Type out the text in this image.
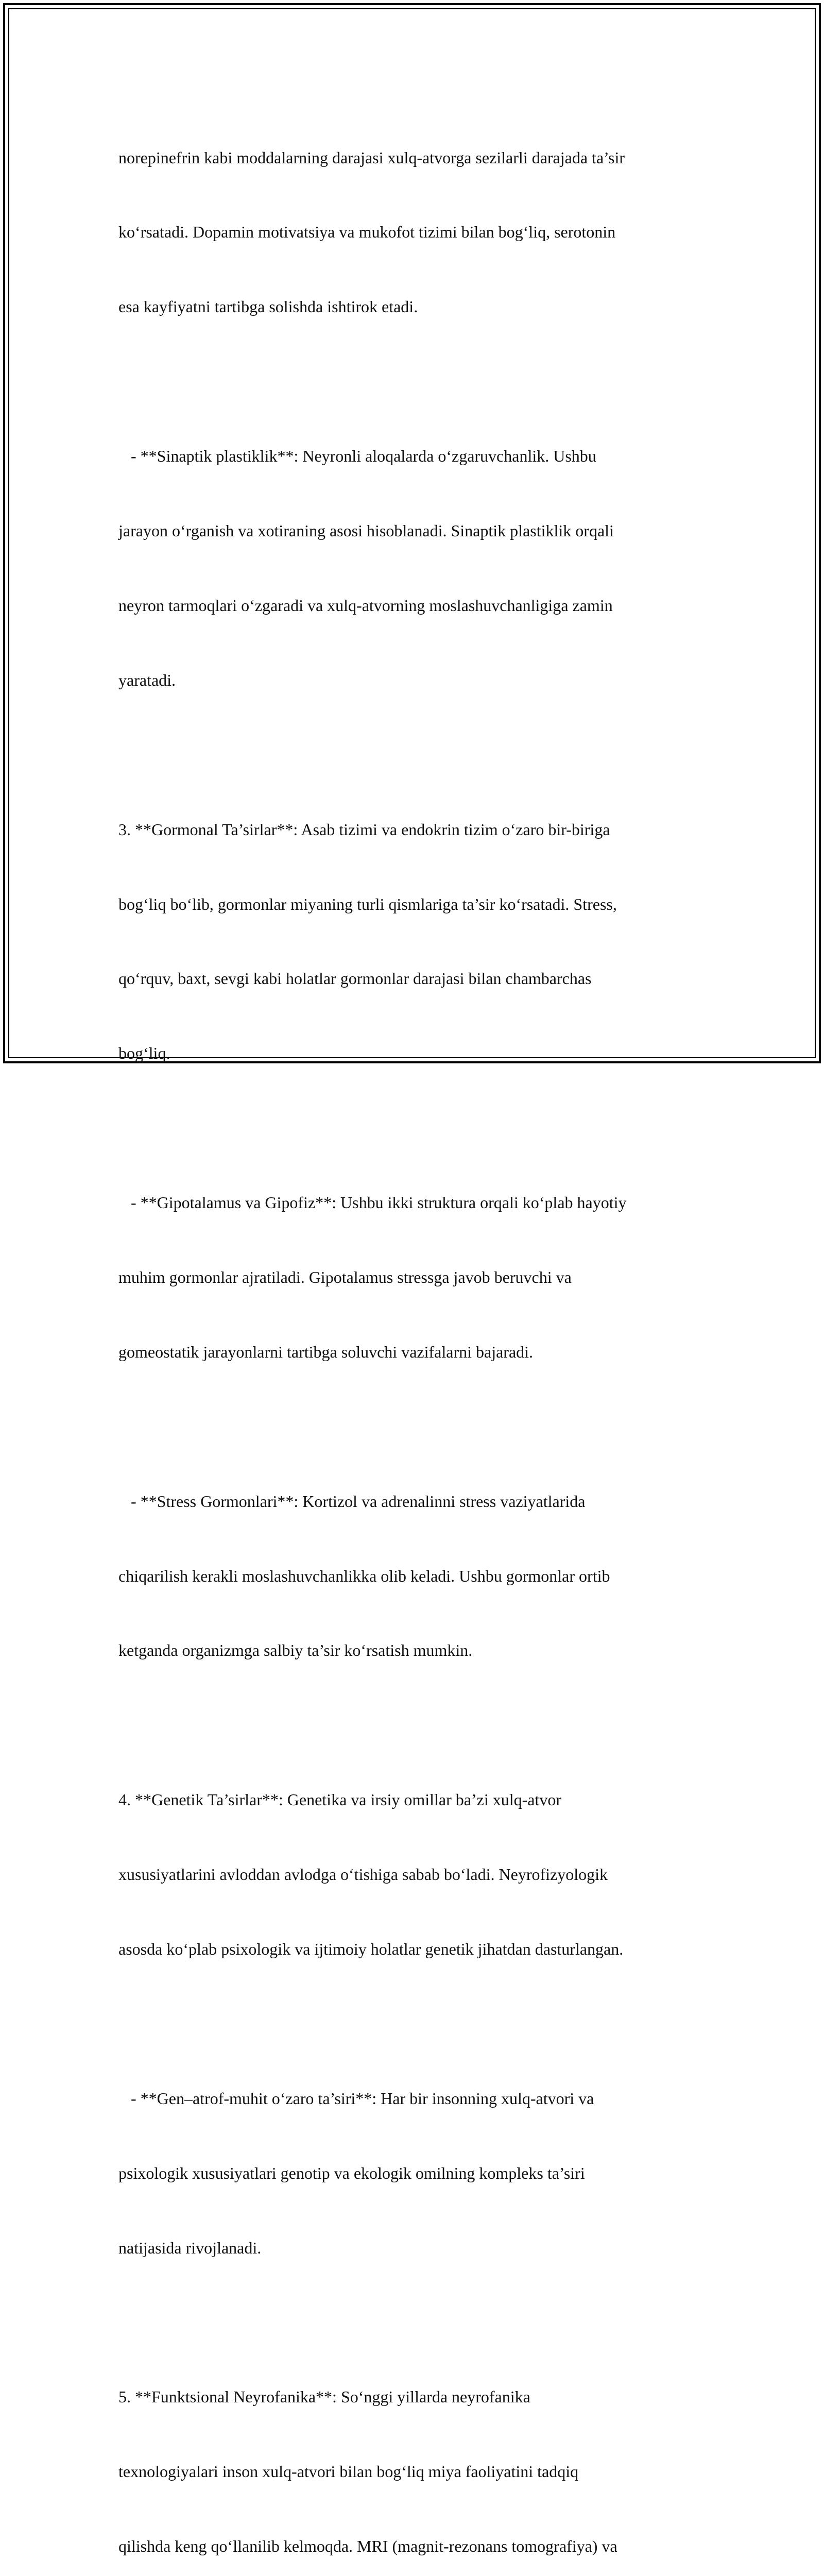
norepinefrin kabi moddalarning darajasi xulq-atvorga sezilarli darajada ta’sir

ko‘rsatadi. Dopamin motivatsiya va mukofot tizimi bilan bog‘liq, serotonin

esa kayfiyatni tartibga solishda ishtirok etadi.

- **Sinaptik plastiklik**: Neyronli aloqalarda o‘zgaruvchanlik. Ushbu

jarayon o‘rganish va xotiraning asosi hisoblanadi. Sinaptik plastiklik orqali

neyron tarmoqlari o‘zgaradi va xulq-atvorning moslashuvchanligiga zamin

yaratadi.

3. **Gormonal Ta’sirlar**: Asab tizimi va endokrin tizim o‘zaro bir-biriga

bog‘liq bo‘lib, gormonlar miyaning turli qismlariga ta’sir ko‘rsatadi. Stress,

qo‘rquv, baxt, sevgi kabi holatlar gormonlar darajasi bilan chambarchas

bog‘liq.

- **Gipotalamus va Gipofiz**: Ushbu ikki struktura orqali ko‘plab hayotiy

muhim gormonlar ajratiladi. Gipotalamus stressga javob beruvchi va

gomeostatik jarayonlarni tartibga soluvchi vazifalarni bajaradi.

- **Stress Gormonlari**: Kortizol va adrenalinni stress vaziyatlarida

chiqarilish kerakli moslashuvchanlikka olib keladi. Ushbu gormonlar ortib

ketganda organizmga salbiy ta’sir ko‘rsatish mumkin.

4. **Genetik Ta’sirlar**: Genetika va irsiy omillar ba’zi xulq-atvor

xususiyatlarini avloddan avlodga o‘tishiga sabab bo‘ladi. Neyrofizyologik

asosda ko‘plab psixologik va ijtimoiy holatlar genetik jihatdan dasturlangan.

- **Gen–atrof-muhit o‘zaro ta’siri**: Har bir insonning xulq-atvori va

psixologik xususiyatlari genotip va ekologik omilning kompleks ta’siri

natijasida rivojlanadi.

5. **Funktsional Neyrofanika**: So‘nggi yillarda neyrofanika

texnologiyalari inson xulq-atvori bilan bog‘liq miya faoliyatini tadqiq

qilishda keng qo‘llanilib kelmoqda. MRI (magnit-rezonans tomografiya) va
